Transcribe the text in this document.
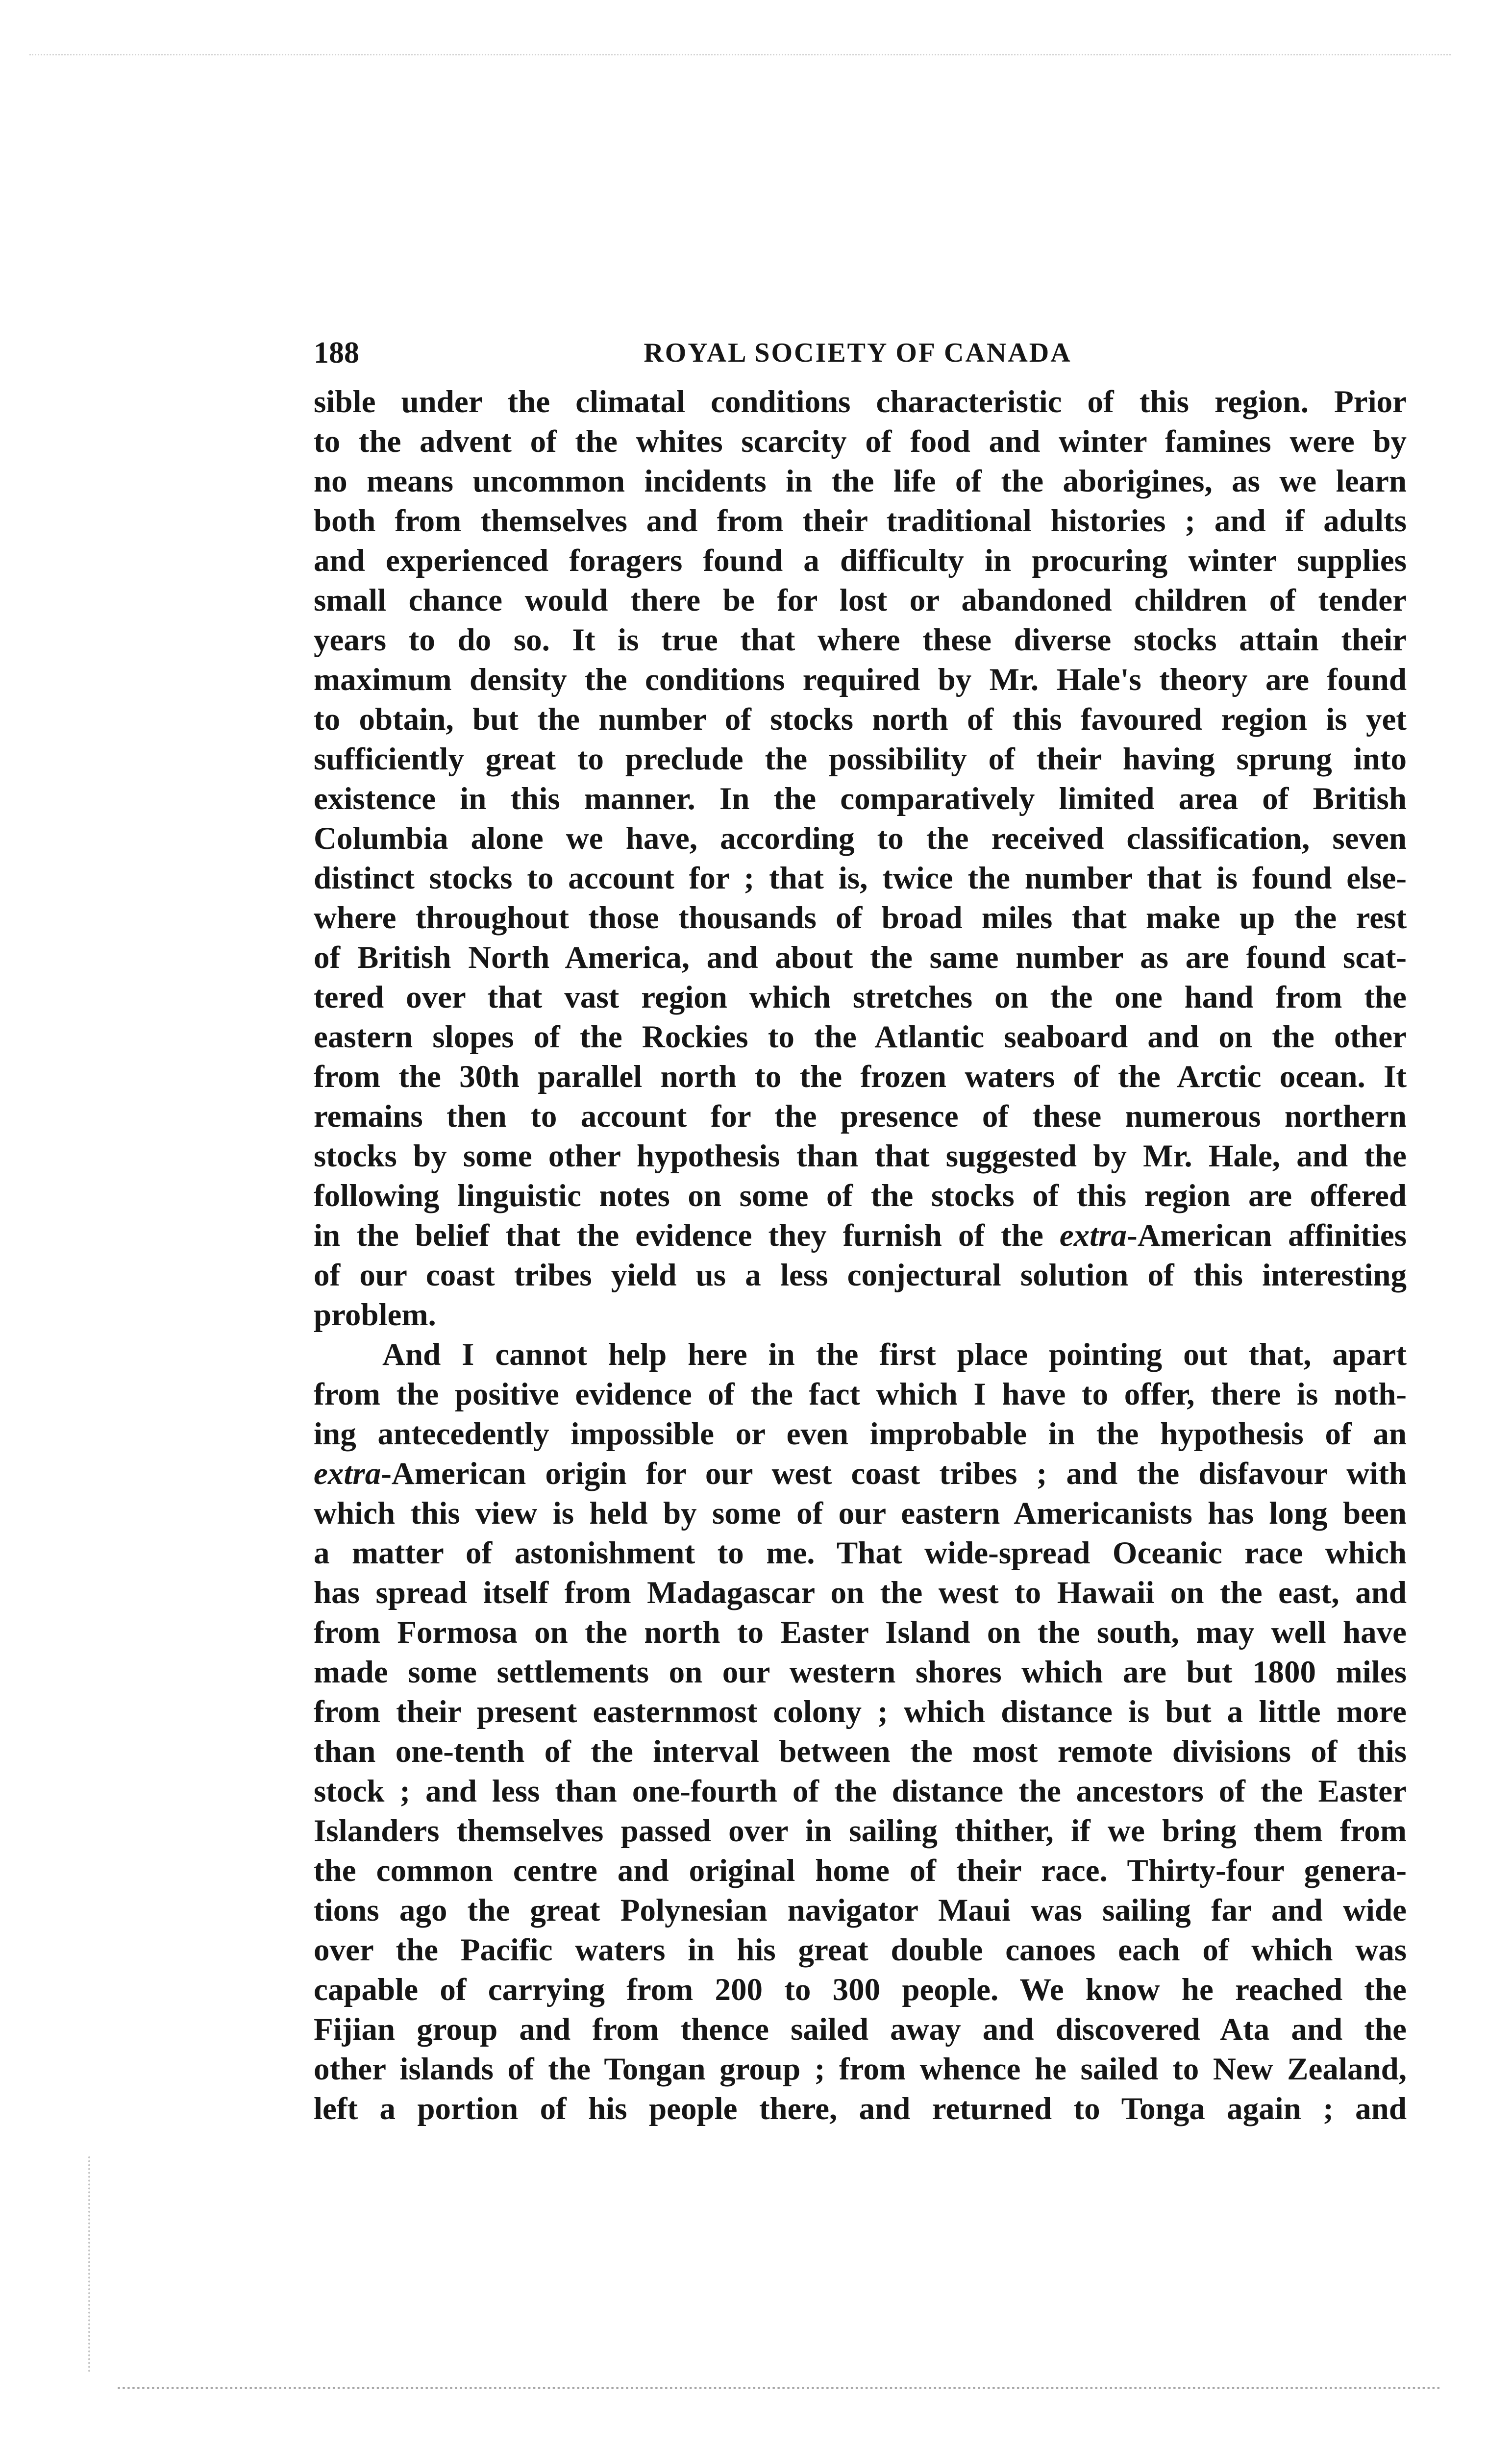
188	ROYAL SOCIETY OF CANADA

sible under the climatal conditions characteristic of this region. Prior
to the advent of the whites scarcity of food and winter famines were by
no means uncommon incidents in the life of the aborigines, as we learn
both from themselves and from their traditional histories ; and if adults
and experienced foragers found a difficulty in procuring winter supplies
small chance would there be for lost or abandoned children of tender
years to do so. It is true that where these diverse stocks attain their
maximum density the conditions required by Mr. Hale's theory are found
to obtain, but the number of stocks north of this favoured region is yet
sufficiently great to preclude the possibility of their having sprung into
existence in this manner. In the comparatively limited area of British
Columbia alone we have, according to the received classification, seven
distinct stocks to account for ; that is, twice the number that is found else-
where throughout those thousands of broad miles that make up the rest
of British North America, and about the same number as are found scat-
tered over that vast region which stretches on the one hand from the
eastern slopes of the Rockies to the Atlantic seaboard and on the other
from the 30th parallel north to the frozen waters of the Arctic ocean. It
remains then to account for the presence of these numerous northern
stocks by some other hypothesis than that suggested by Mr. Hale, and the
following linguistic notes on some of the stocks of this region are offered
in the belief that the evidence they furnish of the extra-American affinities
of our coast tribes yield us a less conjectural solution of this interesting
problem.

And I cannot help here in the first place pointing out that, apart
from the positive evidence of the fact which I have to offer, there is noth-
ing antecedently impossible or even improbable in the hypothesis of an
extra-American origin for our west coast tribes ; and the disfavour with
which this view is held by some of our eastern Americanists has long been
a matter of astonishment to me. That wide-spread Oceanic race which
has spread itself from Madagascar on the west to Hawaii on the east, and
from Formosa on the north to Easter Island on the south, may well have
made some settlements on our western shores which are but 1800 miles
from their present easternmost colony ; which distance is but a little more
than one-tenth of the interval between the most remote divisions of this
stock ; and less than one-fourth of the distance the ancestors of the Easter
Islanders themselves passed over in sailing thither, if we bring them from
the common centre and original home of their race. Thirty-four genera-
tions ago the great Polynesian navigator Maui was sailing far and wide
over the Pacific waters in his great double canoes each of which was
capable of carrying from 200 to 300 people. We know he reached the
Fijian group and from thence sailed away and discovered Ata and the
other islands of the Tongan group ; from whence he sailed to New Zealand,
left a portion of his people there, and returned to Tonga again ; and
